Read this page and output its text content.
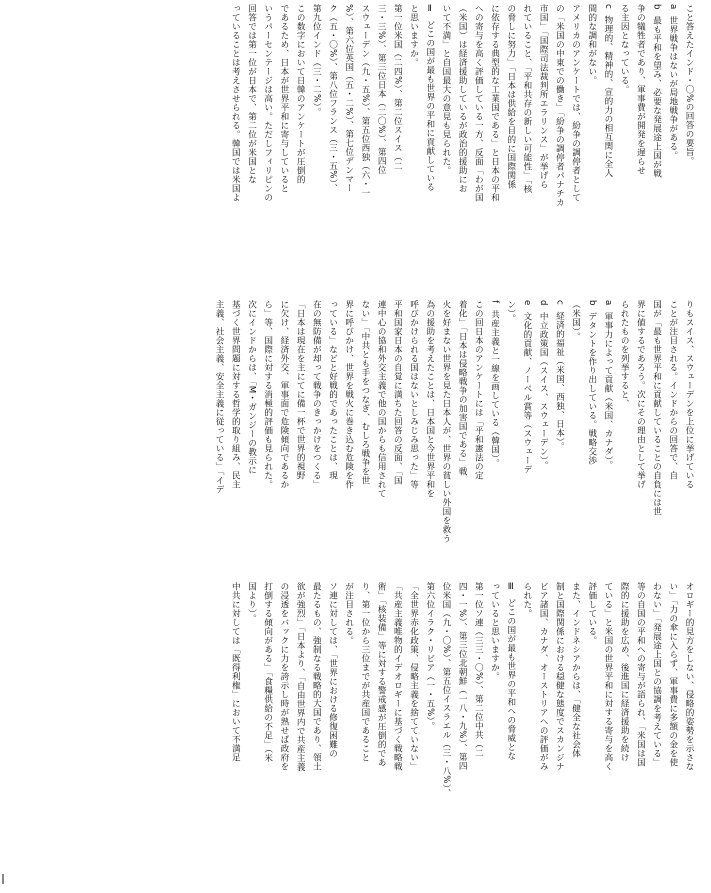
こと答えたインド・〇%の回答の要旨。

a  世界戦争はないが局地戦争がある。

b  最も平和を望み、必要な発展途上国が戦

争の犠牲者であり、軍事費が開発を遅らせ

る主因となっている。

c  物理的、精神的、宣的力の相互関に全人

間的な調和がない。

アメリカのアンケートでは、紛争の調停者として

の「米国の中東での働き」「紛争の調停者パナチカ

市国」「国際司法裁判所エラリンス」が挙げら

れていること、「平和共存の新しい可能性」「核

の脅しに努力」「日本は供給を目的に国際関係

に依存する典型的な工業国である」と日本の平和

への寄与を高く評価している一方、反面「わが国

（米国）は経済援助しているが政治的援助にお

いて不満」と自国最大の意見も見られた。

Ⅱ  どこの国が最も世界の平和に貢献している

と思いますか。

第一位米国（二四%）、第二位スイス（二

三・三%）、第三位日本（二〇%）、第四位

スウェーデン（九・五%）、第五位西独（六・一

%）、第六位英国（五・二%）、第七位デンマー

ク（五・〇%）、第八位フランス（三・五%）、

第九位インド（三・二%）。

この数字において日韓のアンケートが圧倒的

であるため、日本が世界平和に寄与していると

いうパーセンテージは高い。ただしフィリピンの

回答では第一位が日本で、第二位が米国とな

っていることは考えさせられる。韓国では米国よ

りもスイス、スウェーデンを上位に挙げている

ことが注目される。インドからの回答で、自

国が「最も世界平和に貢献していることの自負には世

界に値するであろう。次にその理由として挙げ

られたものを列挙すると、

a  軍事力によって貢献（米国、カナダ）。

b  デタントを作り出している。戦略交渉

（米国）。

c  経済的福祉（米国、西独、日本）。

d  中立政策国（スイス、スウェーデン）。

e  文化的貢献、ノーベル賞等（スウェーデ

ン）。

f  共産主義と一線を画している（韓国）。

この回日本のアンケートには「平和憲法の定

着化」「日本は侵略戦争の加害国である」戦

火を好まない世界を見た日本人が、世界の貧しい外国を救う

為の援助を考えたことは、日本国と今世界平和を

呼びかけられる国はないとしみじみ思った」等

平和国家日本の自覚に満ちた回答の反面、「国

連中心の協和外交主義で他の国からも信用されて

ない」「中共とも手をつなぎ、むしろ戦争を世

界に呼びかけ、世界を戦火に巻き込む危険を作

っている」などと好戦的であったことは、現

在の無防備が却って戦争のきっかけをつくる」

「日本は現在を主にてに備一杯で世界的視野

に欠け、経済外交、軍事面で危険傾向であるか

ら」等、国際に対する消極的評価も見られた。

次にインドからは、「M・ガンジーの教示に

基づく世界問題に対する哲学的取り組み、民主

主義、社会主義、安全主義に従っている」「イデ

オロギー的見方をしない、侵略的姿勢を示さな

い」「力の傘に入らず、軍事費に多額の金を使

わない」「発展途上国との協調を考えている」

等の自国の平和への寄与が語られ、「米国は国

際的に援助を広め、後進国に経済援助を続け

ている」と米国の世界平和に対する寄与を高く

評価している。

また、インドネシアからは、「健全な社会体

制と国際関係における穏健な態度でスカンジナ

ビア諸国、カナダ、オーストリアへの評価がみ

られた。

Ⅲ  どこの国が最も世界の平和への脅威とな

っていると思いますか。

第一位ソ連（三三・〇%）、第二位中共（二

四・一%）、第三位北朝鮮（一八・九%）、第四

位米国（九・〇%）、第五位イスラエル（三・八%）、

第六位イラク・リビア（一・五%）。

「全世界赤化政策、侵略主義を捨てていない」

「共産主義唯物的イデオロギーに基づく戦略戦

術」「核装備」等に対する警戒感が圧倒的であ

り、第一位から三位までが共産国であること

が注目される。

ソ連に対しては、「世界における修復困難の

最たるもの、強制なる戦略的大国であり、領土

欲が強烈」「日本より、「自由世界内で共産主義

の浸透をバックに力を誇示し時が熟せば政府を

打倒する傾向がある」「食糧供給の不足」（米

国より）。

中共に対しては「既得利権」において不満足
